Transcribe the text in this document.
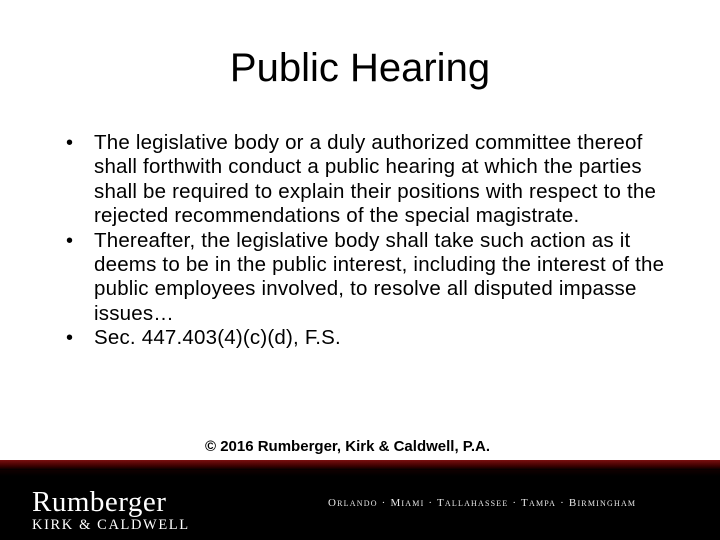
Public Hearing
•	The legislative body or a duly authorized committee thereof shall forthwith conduct a public hearing at which the parties shall be required to explain their positions with respect to the rejected recommendations of the special magistrate.
•	Thereafter, the legislative body shall take such action as it deems to be in the public interest, including the interest of the public employees involved, to resolve all disputed impasse issues…
•	Sec. 447.403(4)(c)(d), F.S.
© 2016 Rumberger, Kirk & Caldwell, P.A.
Rumberger
KIRK & CALDWELL
Orlando · Miami · Tallahassee · Tampa · Birmingham
